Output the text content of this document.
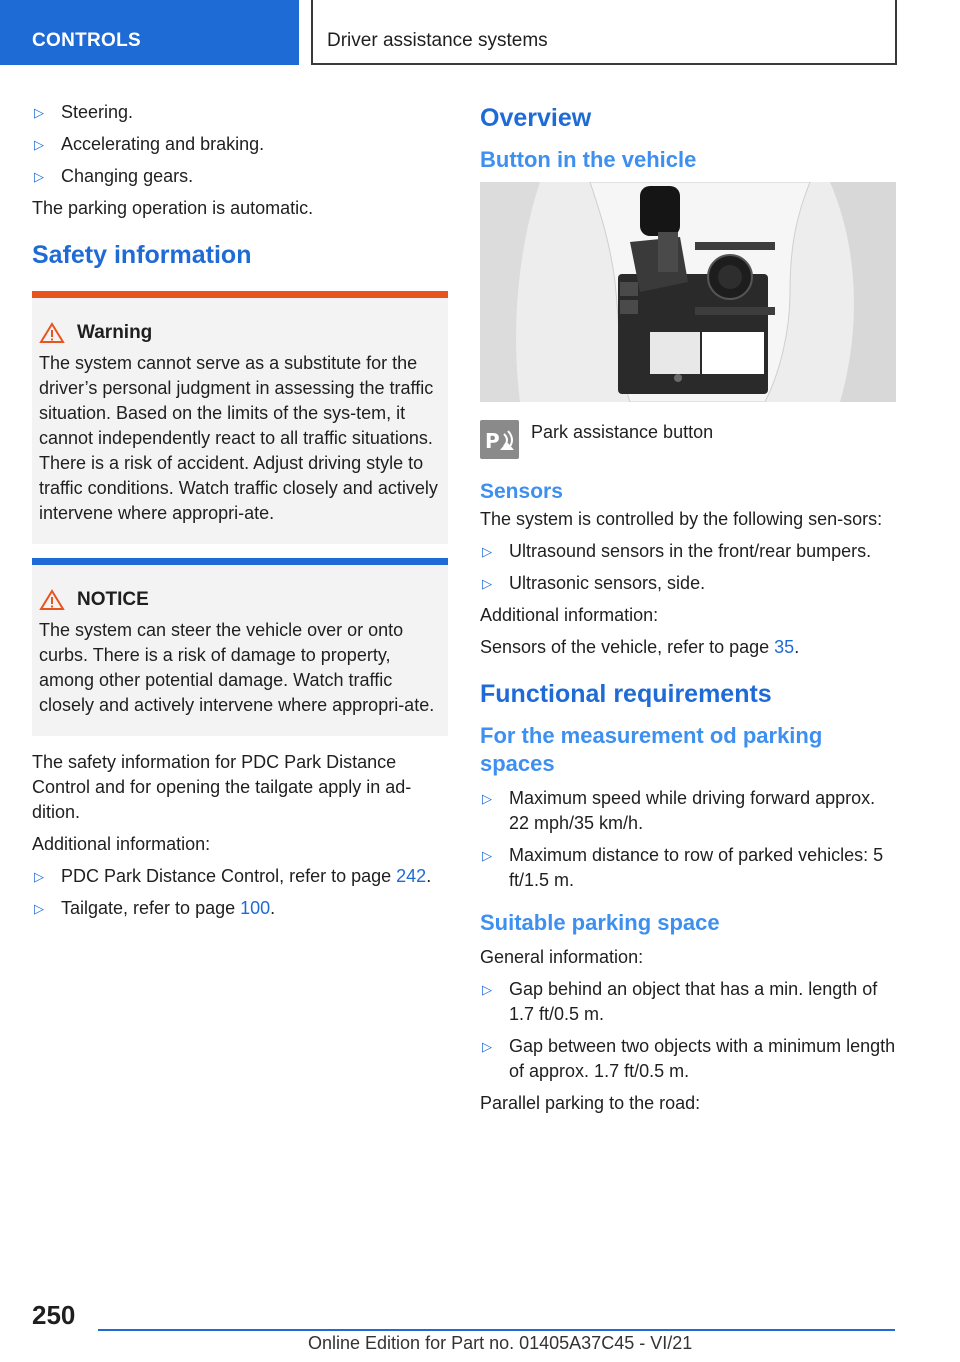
CONTROLS	Driver assistance systems
▷ Steering.
▷ Accelerating and braking.
▷ Changing gears.

The parking operation is automatic.

Safety information
Warning
The system cannot serve as a substitute for the driver’s personal judgment in assessing the traffic situation. Based on the limits of the sys-tem, it cannot independently react to all traffic situations. There is a risk of accident. Adjust driving style to traffic conditions. Watch traffic closely and actively intervene where appropri-ate.
NOTICE
The system can steer the vehicle over or onto curbs. There is a risk of damage to property, among other potential damage. Watch traffic closely and actively intervene where appropri-ate.

The safety information for PDC Park Distance Control and for opening the tailgate apply in ad-dition.

Additional information:

▷ PDC Park Distance Control, refer to page 242.
▷ Tailgate, refer to page 100.
Overview
Button in the vehicle
P Park assistance button
Sensors

The system is controlled by the following sen-sors:

▷ Ultrasound sensors in the front/rear bumpers.
▷ Ultrasonic sensors, side.

Additional information:

Sensors of the vehicle, refer to page 35.

Functional requirements
For the measurement od parking spaces
▷ Maximum speed while driving forward approx. 22 mph/35 km/h.
▷ Maximum distance to row of parked vehicles: 5 ft/1.5 m.
Suitable parking space

General information:

▷ Gap behind an object that has a min. length of 1.7 ft/0.5 m.
▷ Gap between two objects with a minimum length of approx. 1.7 ft/0.5 m.

Parallel parking to the road:

250
Online Edition for Part no. 01405A37C45 - VI/21
